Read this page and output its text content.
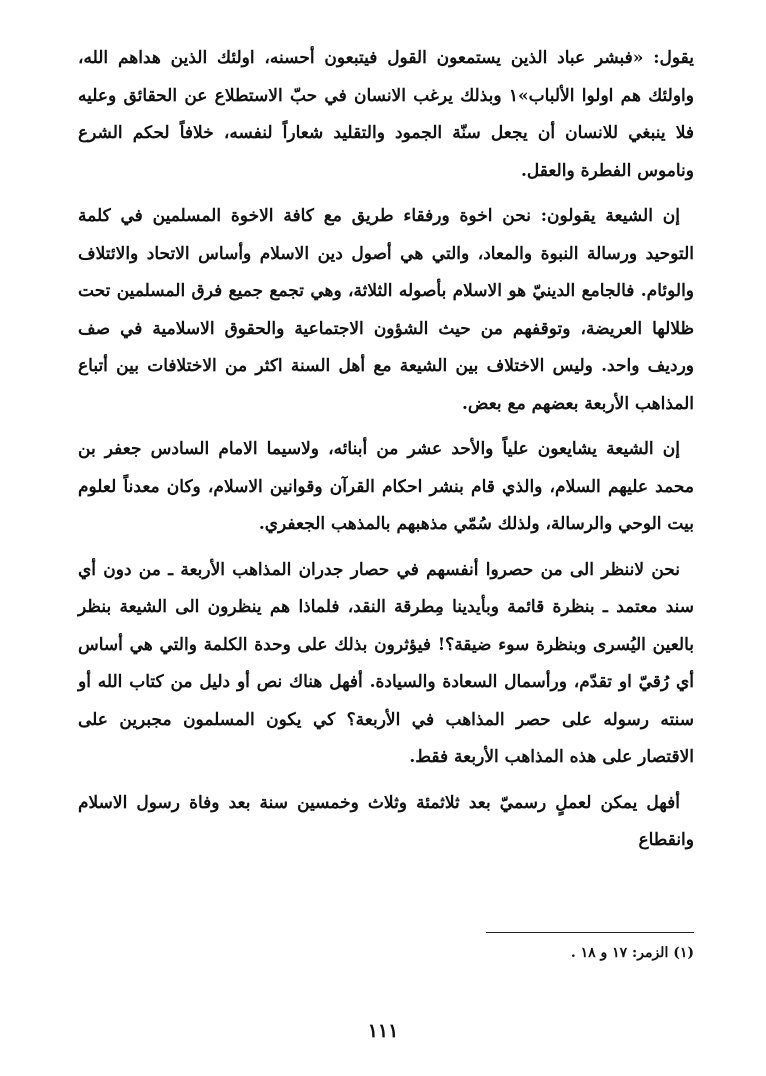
يقول: «فبشر عباد الذين يستمعون القول فيتبعون أحسنه، اولئك الذين هداهم الله، واولئك هم اولوا الألباب»١ وبذلك يرغب الانسان في حبّ الاستطلاع عن الحقائق وعليه فلا ينبغي للانسان أن يجعل سنّة الجمود والتقليد شعاراً لنفسه، خلافاً لحكم الشرع وناموس الفطرة والعقل.

إن الشيعة يقولون: نحن اخوة ورفقاء طريق مع كافة الاخوة المسلمين في كلمة التوحيد ورسالة النبوة والمعاد، والتي هي أصول دين الاسلام وأساس الاتحاد والائتلاف والوئام. فالجامع الدينيّ هو الاسلام بأصوله الثلاثة، وهي تجمع جميع فرق المسلمين تحت ظلالها العريضة، وتوقفهم من حيث الشؤون الاجتماعية والحقوق الاسلامية في صف ورديف واحد. وليس الاختلاف بين الشيعة مع أهل السنة اكثر من الاختلافات بين أتباع المذاهب الأربعة بعضهم مع بعض.

إن الشيعة يشايعون علياً والأحد عشر من أبنائه، ولاسيما الامام السادس جعفر بن محمد عليهم السلام، والذي قام بنشر احكام القرآن وقوانين الاسلام، وكان معدناً لعلوم بيت الوحي والرسالة، ولذلك سُمّي مذهبهم بالمذهب الجعفري.

نحن لاننظر الى من حصروا أنفسهم في حصار جدران المذاهب الأربعة ـ من دون أي سند معتمد ـ بنظرة قائمة وبأيدينا مِطرقة النقد، فلماذا هم ينظرون الى الشيعة بنظر بالعين اليُسرى وبنظرة سوء ضيقة؟! فيؤثرون بذلك على وحدة الكلمة والتي هي أساس أي رُقيّ او تقدّم، ورأسمال السعادة والسيادة. أفهل هناك نص أو دليل من كتاب الله أو سنته رسوله على حصر المذاهب في الأربعة؟ كي يكون المسلمون مجبرين على الاقتصار على هذه المذاهب الأربعة فقط.

أفهل يمكن لعملٍ رسميّ بعد ثلاثمئة وثلاث وخمسين سنة بعد وفاة رسول الاسلام وانقطاع

(١) الزمر: ١٧ و ١٨ .
١١١
